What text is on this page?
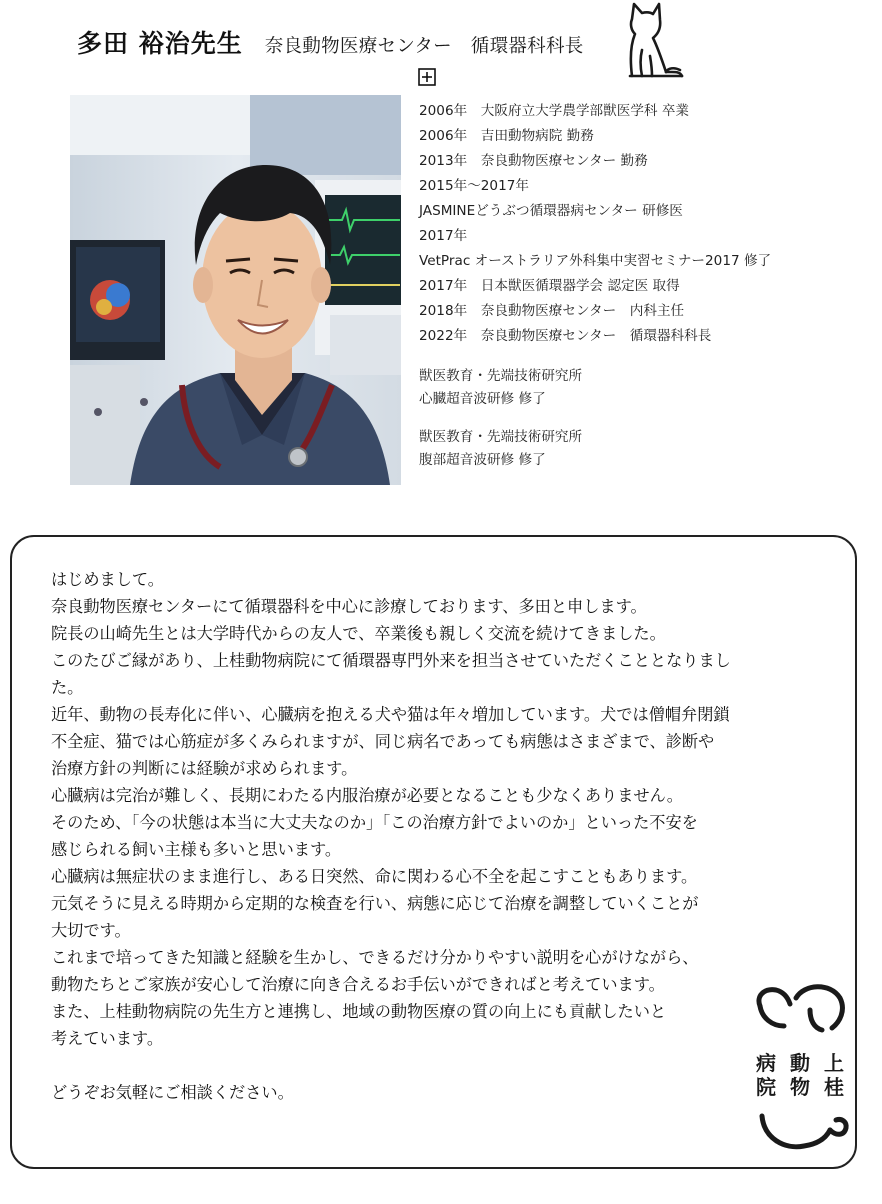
多田 裕治先生 奈良動物医療センター　循環器科科長
2006年　大阪府立大学農学部獣医学科 卒業
2006年　吉田動物病院 勤務
2013年　奈良動物医療センター 勤務
2015年〜2017年
JASMINEどうぶつ循環器病センター 研修医
2017年
VetPrac オーストラリア外科集中実習セミナー2017 修了
2017年　日本獣医循環器学会 認定医 取得
2018年　奈良動物医療センター　内科主任
2022年　奈良動物医療センター　循環器科科長
獣医教育・先端技術研究所
心臓超音波研修 修了
獣医教育・先端技術研究所
腹部超音波研修 修了
はじめまして。
奈良動物医療センターにて循環器科を中心に診療しております、多田と申します。
院長の山崎先生とは大学時代からの友人で、卒業後も親しく交流を続けてきました。
このたびご縁があり、上桂動物病院にて循環器専門外来を担当させていただくこととなりまし
た。
近年、動物の長寿化に伴い、心臓病を抱える犬や猫は年々増加しています。犬では僧帽弁閉鎖
不全症、猫では心筋症が多くみられますが、同じ病名であっても病態はさまざまで、診断や
治療方針の判断には経験が求められます。
心臓病は完治が難しく、長期にわたる内服治療が必要となることも少なくありません。
そのため、「今の状態は本当に大丈夫なのか」「この治療方針でよいのか」といった不安を
感じられる飼い主様も多いと思います。
心臓病は無症状のまま進行し、ある日突然、命に関わる心不全を起こすこともあります。
元気そうに見える時期から定期的な検査を行い、病態に応じて治療を調整していくことが
大切です。
これまで培ってきた知識と経験を生かし、できるだけ分かりやすい説明を心がけながら、
動物たちとご家族が安心して治療に向き合えるお手伝いができればと考えています。
また、上桂動物病院の先生方と連携し、地域の動物医療の質の向上にも貢献したいと
考えています。
どうぞお気軽にご相談ください。
上
桂
動
物
病
院
